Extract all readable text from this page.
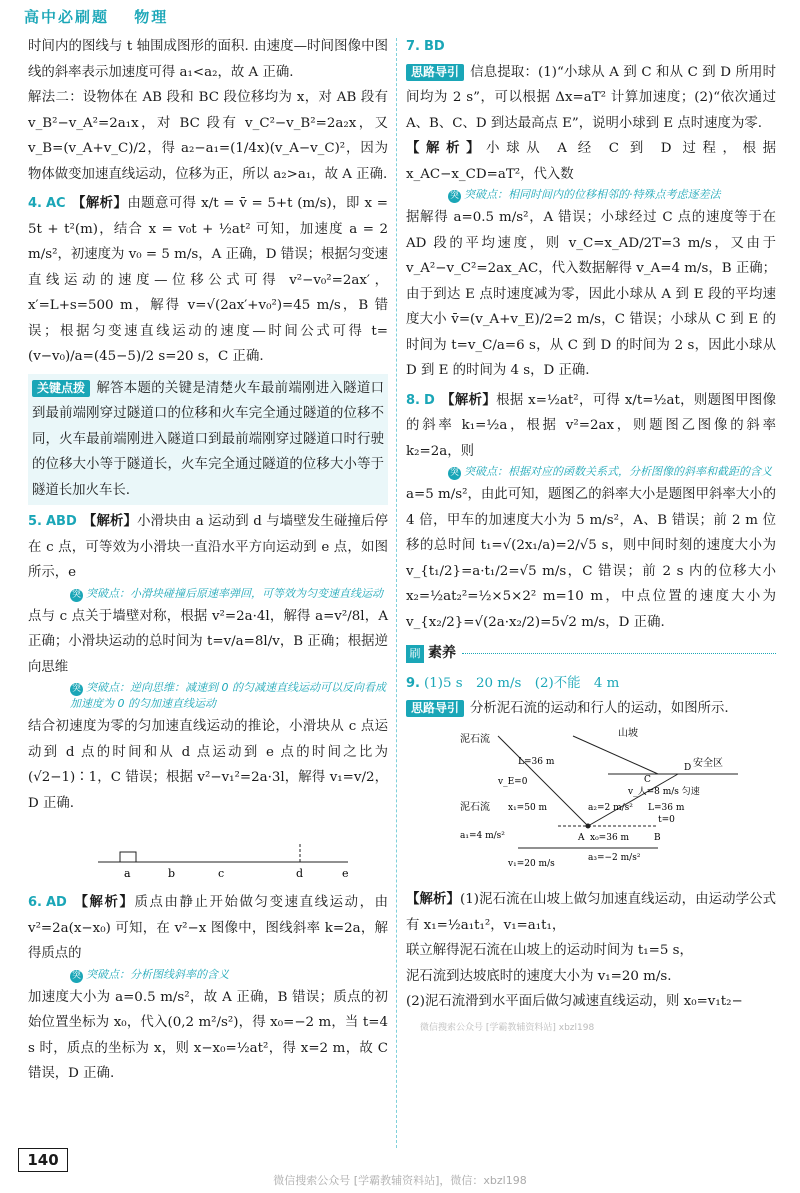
高中必刷题 物理

时间内的图线与 t 轴围成图形的面积. 由速度—时间图像中图线的斜率表示加速度可得 a₁<a₂，故 A 正确.

解法二：设物体在 AB 段和 BC 段位移均为 x，对 AB 段有 v_B²−v_A²=2a₁x，对 BC 段有 v_C²−v_B²=2a₂x，又 v_B=(v_A+v_C)/2，得 a₂−a₁=(1/4x)(v_A−v_C)²，因为物体做变加速直线运动，位移为正，所以 a₂>a₁，故 A 正确.

4. AC 【解析】由题意可得 x/t = v̄ = 5+t (m/s)，即 x = 5t + t²(m)，结合 x = v₀t + ½at² 可知，加速度 a = 2 m/s²，初速度为 v₀ = 5 m/s，A 正确，D 错误；根据匀变速直线运动的速度—位移公式可得 v²−v₀²=2ax′，x′=L+s=500 m，解得 v=√(2ax′+v₀²)=45 m/s，B 错误；根据匀变速直线运动的速度—时间公式可得 t=(v−v₀)/a=(45−5)/2 s=20 s，C 正确.

关键点拨 解答本题的关键是清楚火车最前端刚进入隧道口到最前端刚穿过隧道口的位移和火车完全通过隧道的位移不同，火车最前端刚进入隧道口到最前端刚穿过隧道口时行驶的位移大小等于隧道长，火车完全通过隧道的位移大小等于隧道长加火车长.

5. ABD 【解析】小滑块由 a 运动到 d 与墙壁发生碰撞后停在 c 点，可等效为小滑块一直沿水平方向运动到 e 点，如图所示，e

突 突破点：小滑块碰撞后原速率弹回，可等效为匀变速直线运动

点与 c 点关于墙壁对称，根据 v²=2a·4l，解得 a=v²/8l，A 正确；小滑块运动的总时间为 t=v/a=8l/v，B 正确；根据逆向思维

突 突破点：逆向思维：减速到 0 的匀减速直线运动可以反向看成加速度为 0 的匀加速直线运动

结合初速度为零的匀加速直线运动的推论，小滑块从 c 点运动到 d 点的时间和从 d 点运动到 e 点的时间之比为(√2−1)∶1，C 错误；根据 v²−v₁²=2a·3l，解得 v₁=v/2，D 正确.

a	b	c	d	e

6. AD 【解析】质点由静止开始做匀变速直线运动，由 v²=2a(x−x₀) 可知，在 v²−x 图像中，图线斜率 k=2a，解得质点的

突 突破点：分析图线斜率的含义

加速度大小为 a=0.5 m/s²，故 A 正确，B 错误；质点的初始位置坐标为 x₀，代入(0,2 m²/s²)，得 x₀=−2 m，当 t=4 s 时，质点的坐标为 x，则 x−x₀=½at²，得 x=2 m，故 C 错误，D 正确.

7. BD

思路导引 信息提取：(1)“小球从 A 到 C 和从 C 到 D 所用时间均为 2 s”，可以根据 Δx=aT² 计算加速度；(2)“依次通过 A、B、C、D 到达最高点 E”，说明小球到 E 点时速度为零.

【解析】小球从 A 经 C 到 D 过程，根据 x_AC−x_CD=aT²，代入数

突 突破点：相同时间内的位移相邻的·特殊点考虑逐差法

据解得 a=0.5 m/s²，A 错误；小球经过 C 点的速度等于在 AD 段的平均速度，则 v_C=x_AD/2T=3 m/s，又由于 v_A²−v_C²=2ax_AC，代入数据解得 v_A=4 m/s，B 正确；由于到达 E 点时速度减为零，因此小球从 A 到 E 段的平均速度大小 v̄=(v_A+v_E)/2=2 m/s，C 错误；小球从 C 到 E 的时间为 t=v_C/a=6 s，从 C 到 D 的时间为 2 s，因此小球从 D 到 E 的时间为 4 s，D 正确.

8. D 【解析】根据 x=½at²，可得 x/t=½at，则题图甲图像的斜率 k₁=½a，根据 v²=2ax，则题图乙图像的斜率 k₂=2a，则

突 突破点：根据对应的函数关系式，分析图像的斜率和截距的含义

a=5 m/s²，由此可知，题图乙的斜率大小是题图甲斜率大小的 4 倍，甲车的加速度大小为 5 m/s²，A、B 错误；前 2 m 位移的总时间 t₁=√(2x₁/a)=2/√5 s，则中间时刻的速度大小为 v_{t₁/2}=a·t₁/2=√5 m/s，C 错误；前 2 s 内的位移大小 x₂=½at₂²=½×5×2² m=10 m，中点位置的速度大小为 v_{x₂/2}=√(2a·x₂/2)=5√2 m/s，D 正确.

刷 素养

9. (1)5 s　20 m/s　(2)不能　4 m

思路导引 分析泥石流的运动和行人的运动，如图所示.

泥石流
山坡
安全区
L=36 m
v_E=0	C
D
v_人=8 m/s 匀速
泥石流 x₁=50 m	a₂=2 m/s² L=36 m
t=0
A x₀=36 m	B
a₁=4 m/s²
a₃=−2 m/s²
v₁=20 m/s

【解析】(1)泥石流在山坡上做匀加速直线运动，由运动学公式有 x₁=½a₁t₁²，v₁=a₁t₁，

联立解得泥石流在山坡上的运动时间为 t₁=5 s，

泥石流到达坡底时的速度大小为 v₁=20 m/s.

(2)泥石流滑到水平面后做匀减速直线运动，则 x₀=v₁t₂−

微信搜索公众号 [学霸教辅资料站] xbzl198
140
微信搜索公众号 [学霸教辅资料站]，微信：xbzl198
